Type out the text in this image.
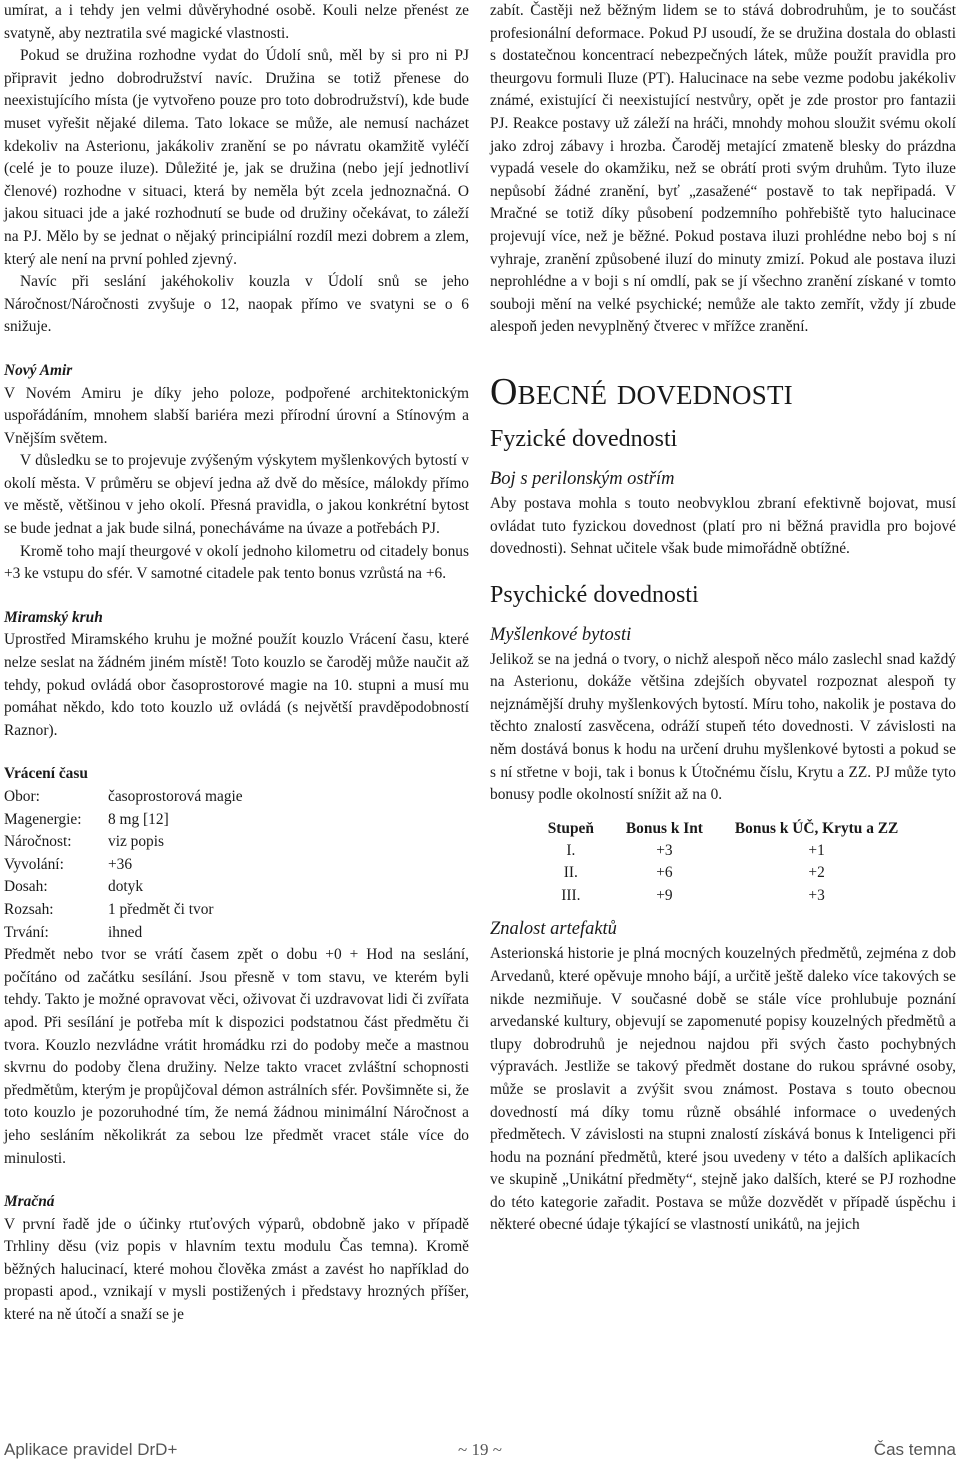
umírat, a i tehdy jen velmi důvěryhodné osobě. Kouli nelze přenést ze svatyně, aby neztratila své magické vlastnosti.

Pokud se družina rozhodne vydat do Údolí snů, měl by si pro ni PJ připravit jedno dobrodružství navíc. Družina se totiž přenese do neexistujícího místa (je vytvořeno pouze pro toto dobrodružství), kde bude muset vyřešit nějaké dilema. Tato lokace se může, ale nemusí nacházet kdekoliv na Asterionu, jakákoliv zranění se po návratu okamžitě vyléčí (celé je to pouze iluze). Důležité je, jak se družina (nebo její jednotliví členové) rozhodne v situaci, která by neměla být zcela jednoznačná. O jakou situaci jde a jaké rozhodnutí se bude od družiny očekávat, to záleží na PJ. Mělo by se jednat o nějaký principiální rozdíl mezi dobrem a zlem, který ale není na první pohled zjevný.

Navíc při seslání jakéhokoliv kouzla v Údolí snů se jeho Náročnost/Náročnosti zvyšuje o 12, naopak přímo ve svatyni se o 6 snižuje.

Nový Amir

V Novém Amiru je díky jeho poloze, podpořené architektonickým uspořádáním, mnohem slabší bariéra mezi přírodní úrovní a Stínovým a Vnějším světem.

V důsledku se to projevuje zvýšeným výskytem myšlenkových bytostí v okolí města. V průměru se objeví jedna až dvě do měsíce, málokdy přímo ve městě, většinou v jeho okolí. Přesná pravidla, o jakou konkrétní bytost se bude jednat a jak bude silná, ponecháváme na úvaze a potřebách PJ.

Kromě toho mají theurgové v okolí jednoho kilometru od citadely bonus +3 ke vstupu do sfér. V samotné citadele pak tento bonus vzrůstá na +6.

Miramský kruh

Uprostřed Miramského kruhu je možné použít kouzlo Vrácení času, které nelze seslat na žádném jiném místě! Toto kouzlo se čaroděj může naučit až tehdy, pokud ovládá obor časoprostorové magie na 10. stupni a musí mu pomáhat někdo, kdo toto kouzlo už ovládá (s největší pravděpodobností Raznor).

Vrácení času

Obor:	časoprostorová magie
Magenergie:	8 mg [12]
Náročnost:	viz popis
Vyvolání:	+36
Dosah:	dotyk
Rozsah:	1 předmět či tvor
Trvání:	ihned

Předmět nebo tvor se vrátí časem zpět o dobu +0 + Hod na seslání, počítáno od začátku sesílání. Jsou přesně v tom stavu, ve kterém byli tehdy. Takto je možné opravovat věci, oživovat či uzdravovat lidi či zvířata apod. Při sesílání je potřeba mít k dispozici podstatnou část předmětu či tvora. Kouzlo nezvládne vrátit hromádku rzi do podoby meče a mastnou skvrnu do podoby člena družiny. Nelze takto vracet zvláštní schopnosti předmětům, kterým je propůjčoval démon astrálních sfér. Povšimněte si, že toto kouzlo je pozoruhodné tím, že nemá žádnou minimální Náročnost a jeho sesláním několikrát za sebou lze předmět vracet stále více do minulosti.

Mračná

V první řadě jde o účinky rtuťových výparů, obdobně jako v případě Trhliny děsu (viz popis v hlavním textu modulu Čas temna). Kromě běžných halucinací, které mohou člověka zmást a zavést ho například do propasti apod., vznikají v mysli postižených i představy hrozných příšer, které na ně útočí a snaží se je

zabít. Častěji než běžným lidem se to stává dobrodruhům, je to součást profesionální deformace. Pokud PJ usoudí, že se družina dostala do oblasti s dostatečnou koncentrací nebezpečných látek, může použít pravidla pro theurgovu formuli Iluze (PT). Halucinace na sebe vezme podobu jakékoliv známé, existující či neexistující nestvůry, opět je zde prostor pro fantazii PJ. Reakce postavy už záleží na hráči, mnohdy mohou sloužit svému okolí jako zdroj zábavy i hrozba. Čaroděj metající zmateně blesky do prázdna vypadá vesele do okamžiku, než se obrátí proti svým druhům. Tyto iluze nepůsobí žádné zranění, byť „zasažené“ postavě to tak nepřipadá. V Mračné se totiž díky působení podzemního pohřebiště tyto halucinace projevují více, než je běžné. Pokud postava iluzi prohlédne nebo boj s ní vyhraje, zranění způsobené iluzí do minuty zmizí. Pokud ale postava iluzi neprohlédne a v boji s ní omdlí, pak se jí všechno zranění získané v tomto souboji mění na velké psychické; nemůže ale takto zemřít, vždy jí zbude alespoň jeden nevyplněný čtverec v mřížce zranění.

Obecné dovednosti
Fyzické dovednosti
Boj s perilonským ostřím

Aby postava mohla s touto neobvyklou zbraní efektivně bojovat, musí ovládat tuto fyzickou dovednost (platí pro ni běžná pravidla pro bojové dovednosti). Sehnat učitele však bude mimořádně obtížné.

Psychické dovednosti
Myšlenkové bytosti

Jelikož se na jedná o tvory, o nichž alespoň něco málo zaslechl snad každý na Asterionu, dokáže většina zdejších obyvatel rozpoznat alespoň ty nejznámější druhy myšlenkových bytostí. Míru toho, nakolik je postava do těchto znalostí zasvěcena, odráží stupeň této dovednosti. V závislosti na něm dostává bonus k hodu na určení druhu myšlenkové bytosti a pokud se s ní střetne v boji, tak i bonus k Útočnému číslu, Krytu a ZZ. PJ může tyto bonusy podle okolností snížit až na 0.

Stupeň	Bonus k Int	Bonus k ÚČ, Krytu a ZZ
I.	+3	+1
II.	+6	+2
III.	+9	+3
Znalost artefaktů

Asterionská historie je plná mocných kouzelných předmětů, zejména z dob Arvedanů, které opěvuje mnoho bájí, a určitě ještě daleko více takových se nikde nezmiňuje. V současné době se stále více prohlubuje poznání arvedanské kultury, objevují se zapomenuté popisy kouzelných předmětů a tlupy dobrodruhů je nejednou najdou při svých často pochybných výpravách. Jestliže se takový předmět dostane do rukou správné osoby, může se proslavit a zvýšit svou známost. Postava s touto obecnou dovedností má díky tomu různě obsáhlé informace o uvedených předmětech. V závislosti na stupni znalostí získává bonus k Inteligenci při hodu na poznání předmětů, které jsou uvedeny v této a dalších aplikacích ve skupině „Unikátní předměty“, stejně jako dalších, které se PJ rozhodne do této kategorie zařadit. Postava se může dozvědět v případě úspěchu i některé obecné údaje týkající se vlastností unikátů, na jejich

~ 19 ~
Aplikace pravidel DrD+	Čas temna
